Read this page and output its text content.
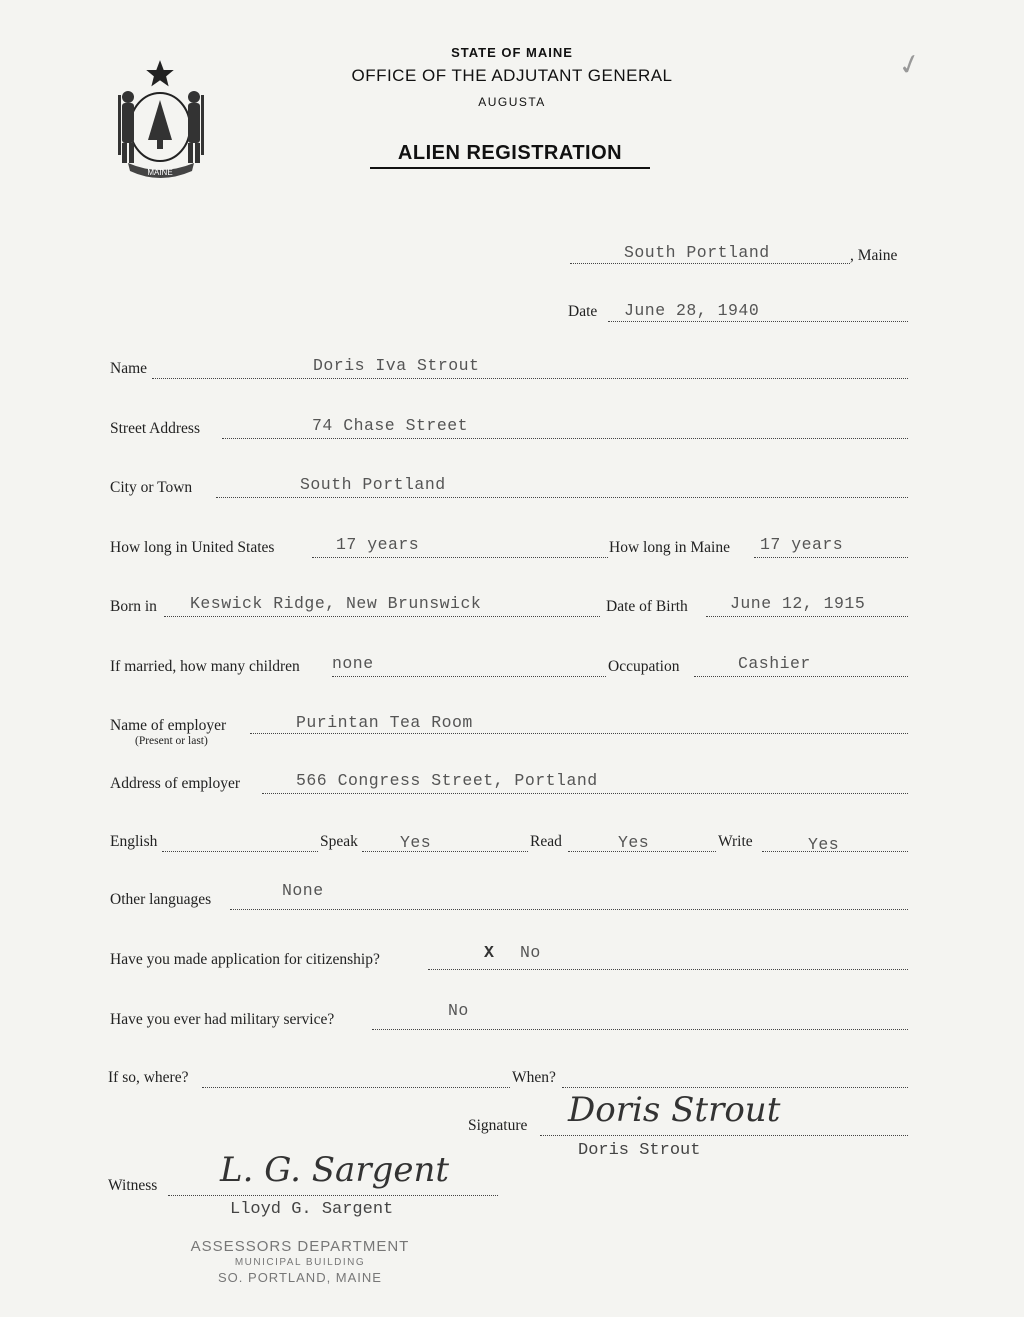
MAINE
STATE OF MAINE
OFFICE OF THE ADJUTANT GENERAL
AUGUSTA
ALIEN REGISTRATION
✓
South Portland	, Maine
Date June 28, 1940
Name	Doris Iva Strout
Street Address	74 Chase Street
City or Town	South Portland
How long in United States	17 years	How long in Maine 17 years
Born in Keswick Ridge, New Brunswick	Date of Birth	June 12, 1915
If married, how many children none	Occupation	Cashier
Name of employer
(Present or last)
Purintan Tea Room
Address of employer	566 Congress Street, Portland
English	Speak	Yes	Read	Yes	Write	Yes
Other languages	None
Have you made application for citizenship?	X No
Have you ever had military service?	No
If so, where?	When?
Signature Doris Strout
Doris Strout
Witness L. G. Sargent
Lloyd G. Sargent
ASSESSORS DEPARTMENT
MUNICIPAL BUILDING
SO. PORTLAND, MAINE
